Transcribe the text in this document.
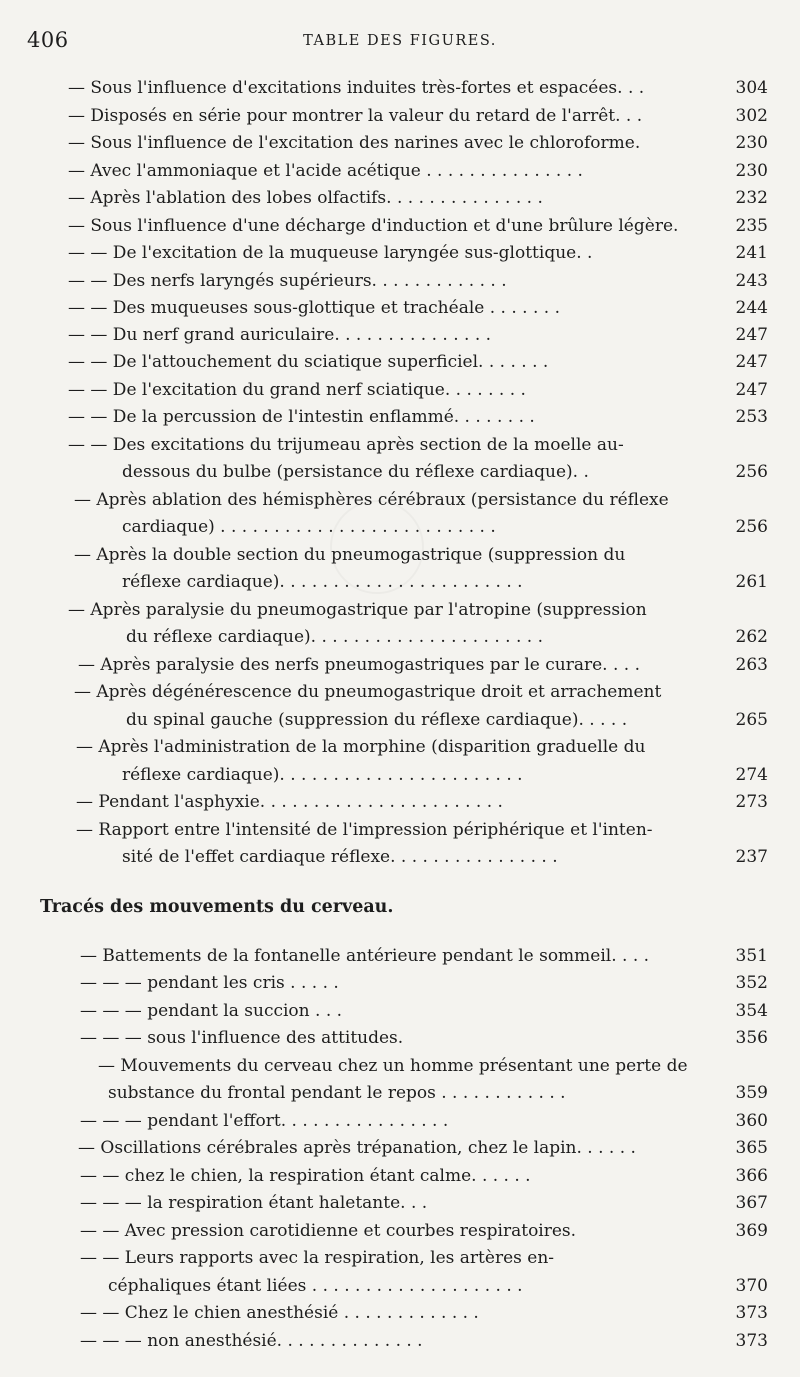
406	TABLE DES FIGURES.
— Sous l'influence d'excitations induites très-fortes et espacées. . .	304
— Disposés en série pour montrer la valeur du retard de l'arrêt. . .	302
— Sous l'influence de l'excitation des narines avec le chloroforme.	230
— Avec l'ammoniaque et l'acide acétique . . . . . . . . . . . . . . .	230
— Après l'ablation des lobes olfactifs. . . . . . . . . . . . . . .	232
— Sous l'influence d'une décharge d'induction et d'une brûlure légère.	235
— — De l'excitation de la muqueuse laryngée sus-glottique. .	241
— — Des nerfs laryngés supérieurs. . . . . . . . . . . . .	243
— — Des muqueuses sous-glottique et trachéale . . . . . . .	244
— — Du nerf grand auriculaire. . . . . . . . . . . . . . .	247
— — De l'attouchement du sciatique superficiel. . . . . . .	247
— — De l'excitation du grand nerf sciatique. . . . . . . .	247
— — De la percussion de l'intestin enflammé. . . . . . . .	253
— — Des excitations du trijumeau après section de la moelle au-
dessous du bulbe (persistance du réflexe cardiaque). .	256
— Après ablation des hémisphères cérébraux (persistance du réflexe
cardiaque) . . . . . . . . . . . . . . . . . . . . . . . . . .	256
— Après la double section du pneumogastrique (suppression du
réflexe cardiaque). . . . . . . . . . . . . . . . . . . . . . .	261
— Après paralysie du pneumogastrique par l'atropine (suppression
du réflexe cardiaque). . . . . . . . . . . . . . . . . . . . . .	262
— Après paralysie des nerfs pneumogastriques par le curare. . . .	263
— Après dégénérescence du pneumogastrique droit et arrachement
du spinal gauche (suppression du réflexe cardiaque). . . . .	265
— Après l'administration de la morphine (disparition graduelle du
réflexe cardiaque). . . . . . . . . . . . . . . . . . . . . . .	274
— Pendant l'asphyxie. . . . . . . . . . . . . . . . . . . . . . .	273
— Rapport entre l'intensité de l'impression périphérique et l'inten-
sité de l'effet cardiaque réflexe. . . . . . . . . . . . . . . .	237
Tracés des mouvements du cerveau.
— Battements de la fontanelle antérieure pendant le sommeil. . . .	351
— — — pendant les cris . . . . .	352
— — — pendant la succion . . .	354
— — — sous l'influence des attitudes.	356
— Mouvements du cerveau chez un homme présentant une perte de
substance du frontal pendant le repos . . . . . . . . . . . .	359
— — — pendant l'effort. . . . . . . . . . . . . . . .	360
— Oscillations cérébrales après trépanation, chez le lapin. . . . . .	365
— — chez le chien, la respiration étant calme. . . . . .	366
— — — la respiration étant haletante. . .	367
— — Avec pression carotidienne et courbes respiratoires.	369
— — Leurs rapports avec la respiration, les artères en-
céphaliques étant liées . . . . . . . . . . . . . . . . . . . .	370
— — Chez le chien anesthésié . . . . . . . . . . . . .	373
— — — non anesthésié. . . . . . . . . . . . . .	373
